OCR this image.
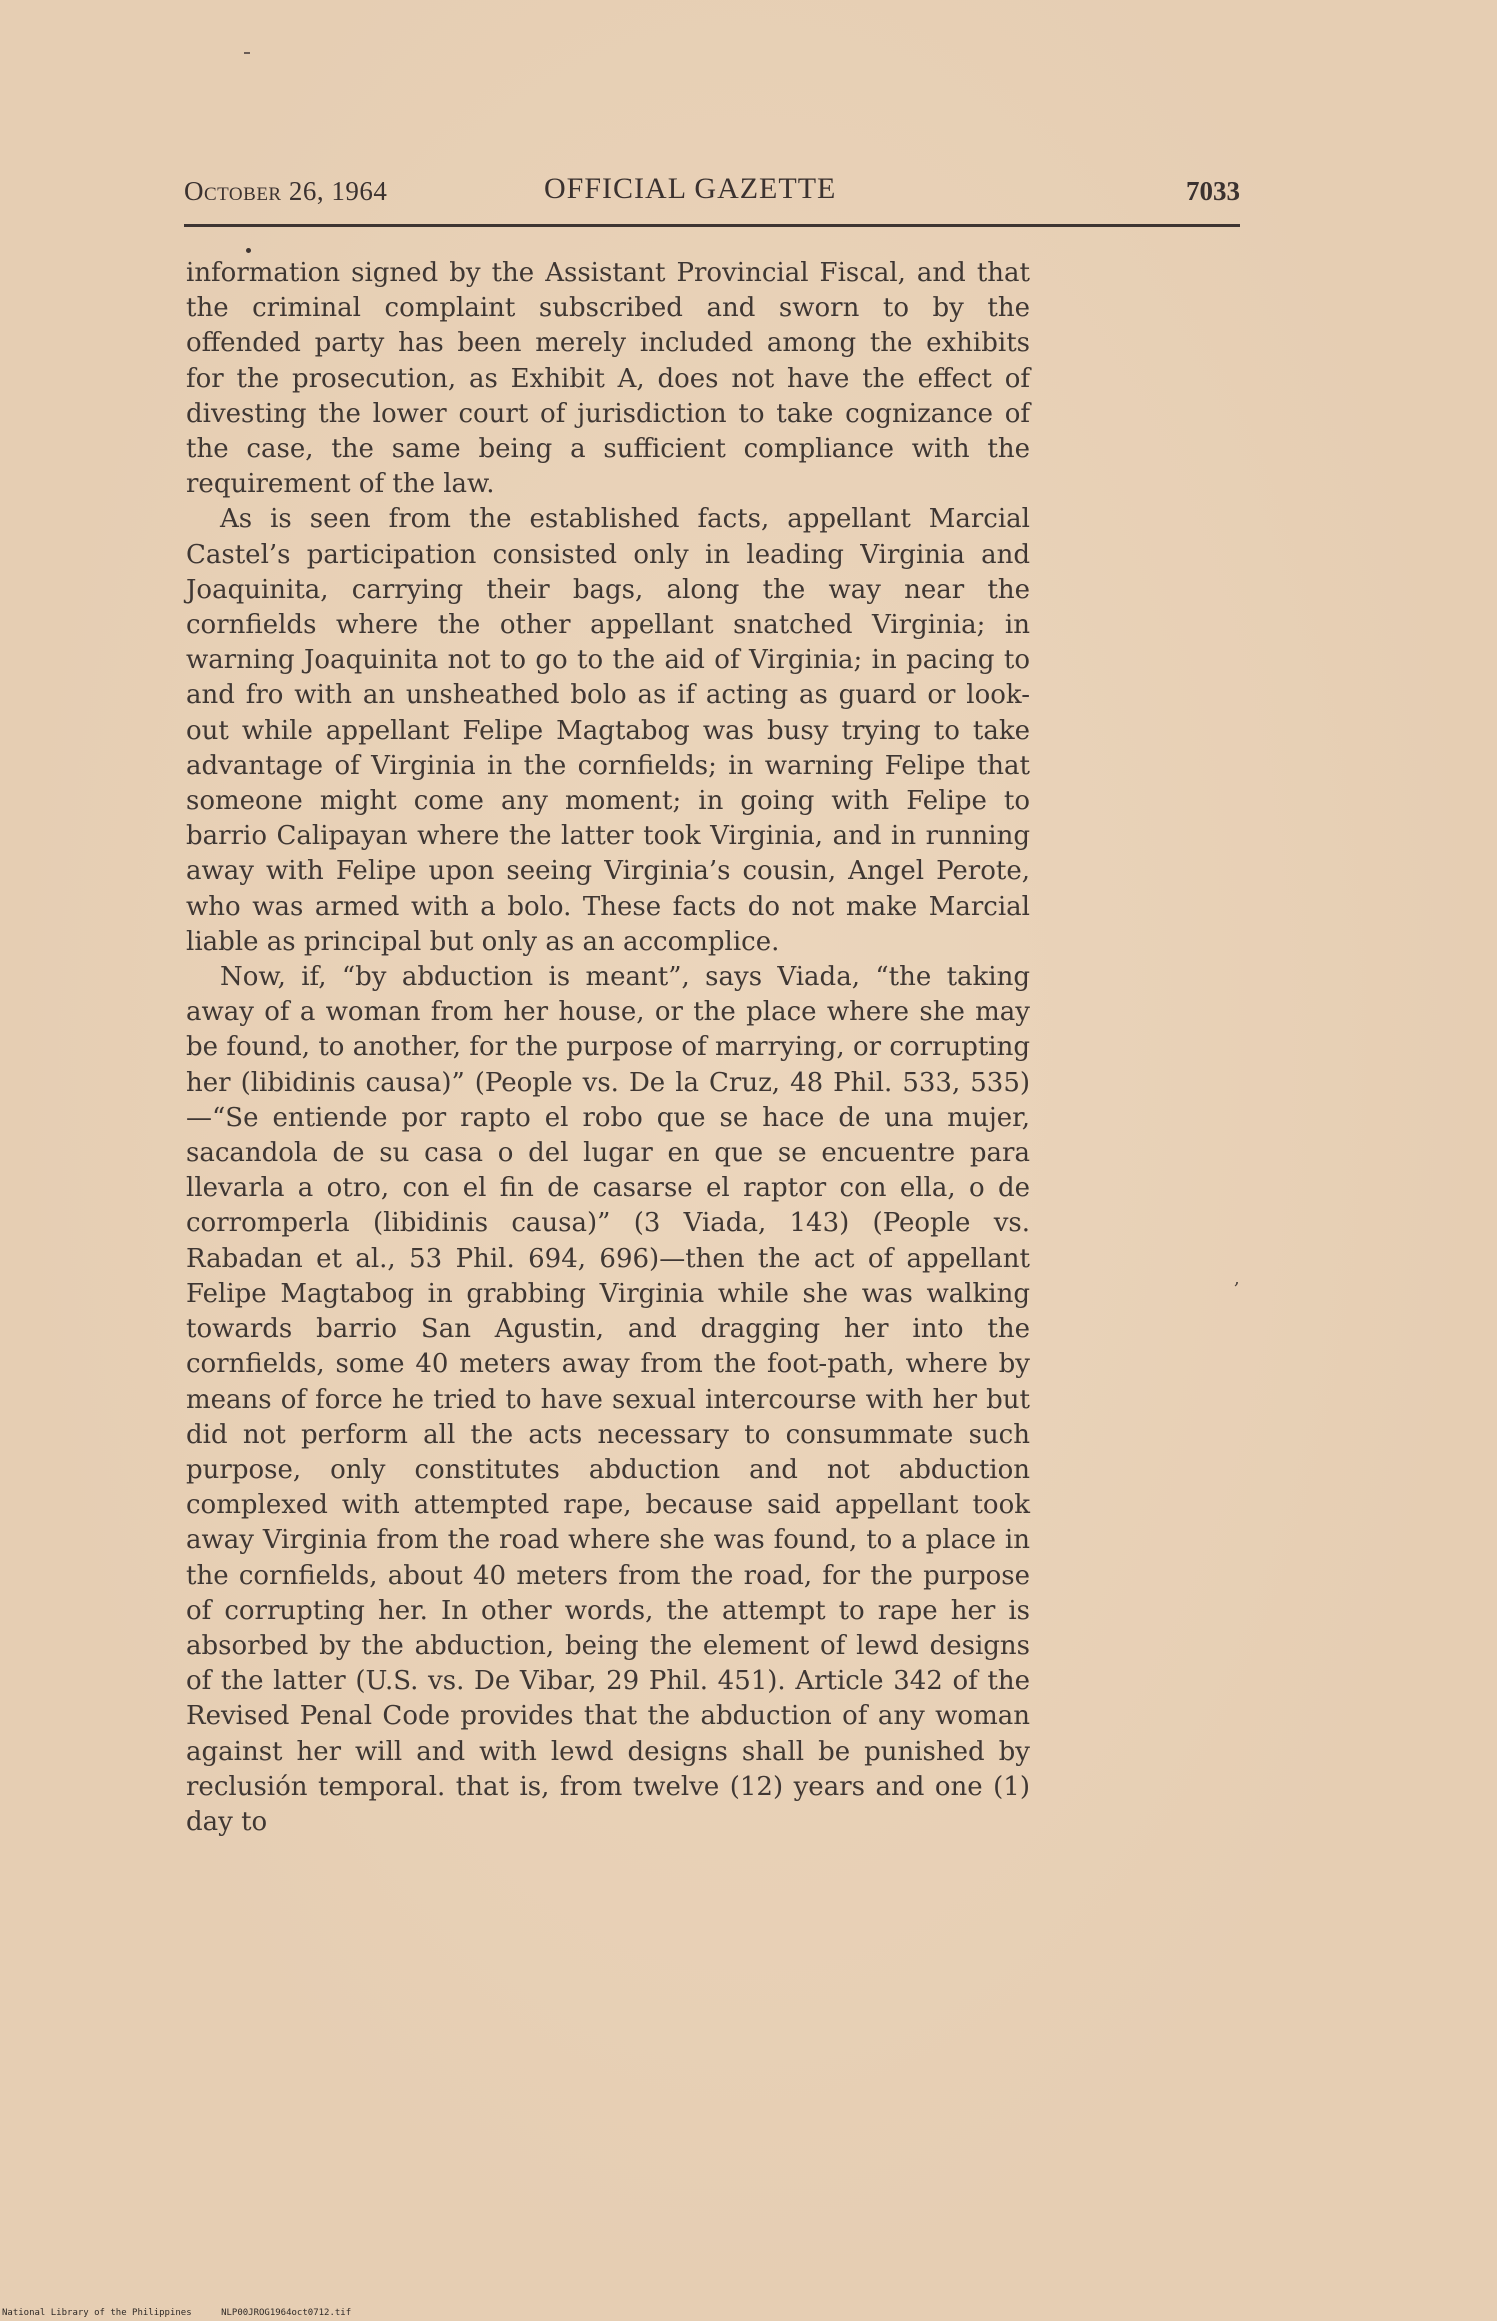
October 26, 1964	OFFICIAL GAZETTE	7033

information signed by the Assistant Provincial Fiscal, and that the criminal complaint subscribed and sworn to by the offended party has been merely included among the exhibits for the prosecution, as Exhibit A, does not have the effect of divesting the lower court of jurisdiction to take cognizance of the case, the same being a sufficient compliance with the requirement of the law.

As is seen from the established facts, appellant Marcial Castel’s participation consisted only in leading Virginia and Joaquinita, carrying their bags, along the way near the cornfields where the other appellant snatched Virginia; in warning Joaquinita not to go to the aid of Virginia; in pacing to and fro with an unsheathed bolo as if acting as guard or look-out while appellant Felipe Magtabog was busy trying to take advantage of Virginia in the cornfields; in warning Felipe that someone might come any moment; in going with Felipe to barrio Calipayan where the latter took Virginia, and in running away with Felipe upon seeing Virginia’s cousin, Angel Perote, who was armed with a bolo. These facts do not make Marcial liable as principal but only as an accomplice.

Now, if, “by abduction is meant”, says Viada, “the taking away of a woman from her house, or the place where she may be found, to another, for the purpose of marrying, or corrupting her (libidinis causa)” (People vs. De la Cruz, 48 Phil. 533, 535)—“Se entiende por rapto el robo que se hace de una mujer, sacandola de su casa o del lugar en que se encuentre para llevarla a otro, con el fin de casarse el raptor con ella, o de corromperla (libidinis causa)” (3 Viada, 143) (People vs. Rabadan et al., 53 Phil. 694, 696)—then the act of appellant Felipe Magtabog in grabbing Virginia while she was walking towards barrio San Agustin, and dragging her into the cornfields, some 40 meters away from the foot-path, where by means of force he tried to have sexual intercourse with her but did not perform all the acts necessary to consummate such purpose, only constitutes abduction and not abduction complexed with attempted rape, because said appellant took away Virginia from the road where she was found, to a place in the cornfields, about 40 meters from the road, for the purpose of corrupting her. In other words, the attempt to rape her is absorbed by the abduction, being the element of lewd designs of the latter (U.S. vs. De Vibar, 29 Phil. 451). Article 342 of the Revised Penal Code provides that the abduction of any woman against her will and with lewd designs shall be punished by reclusión temporal. that is, from twelve (12) years and one (1) day to

,
National Library of the Philippines	NLP00JROG1964oct0712.tif
